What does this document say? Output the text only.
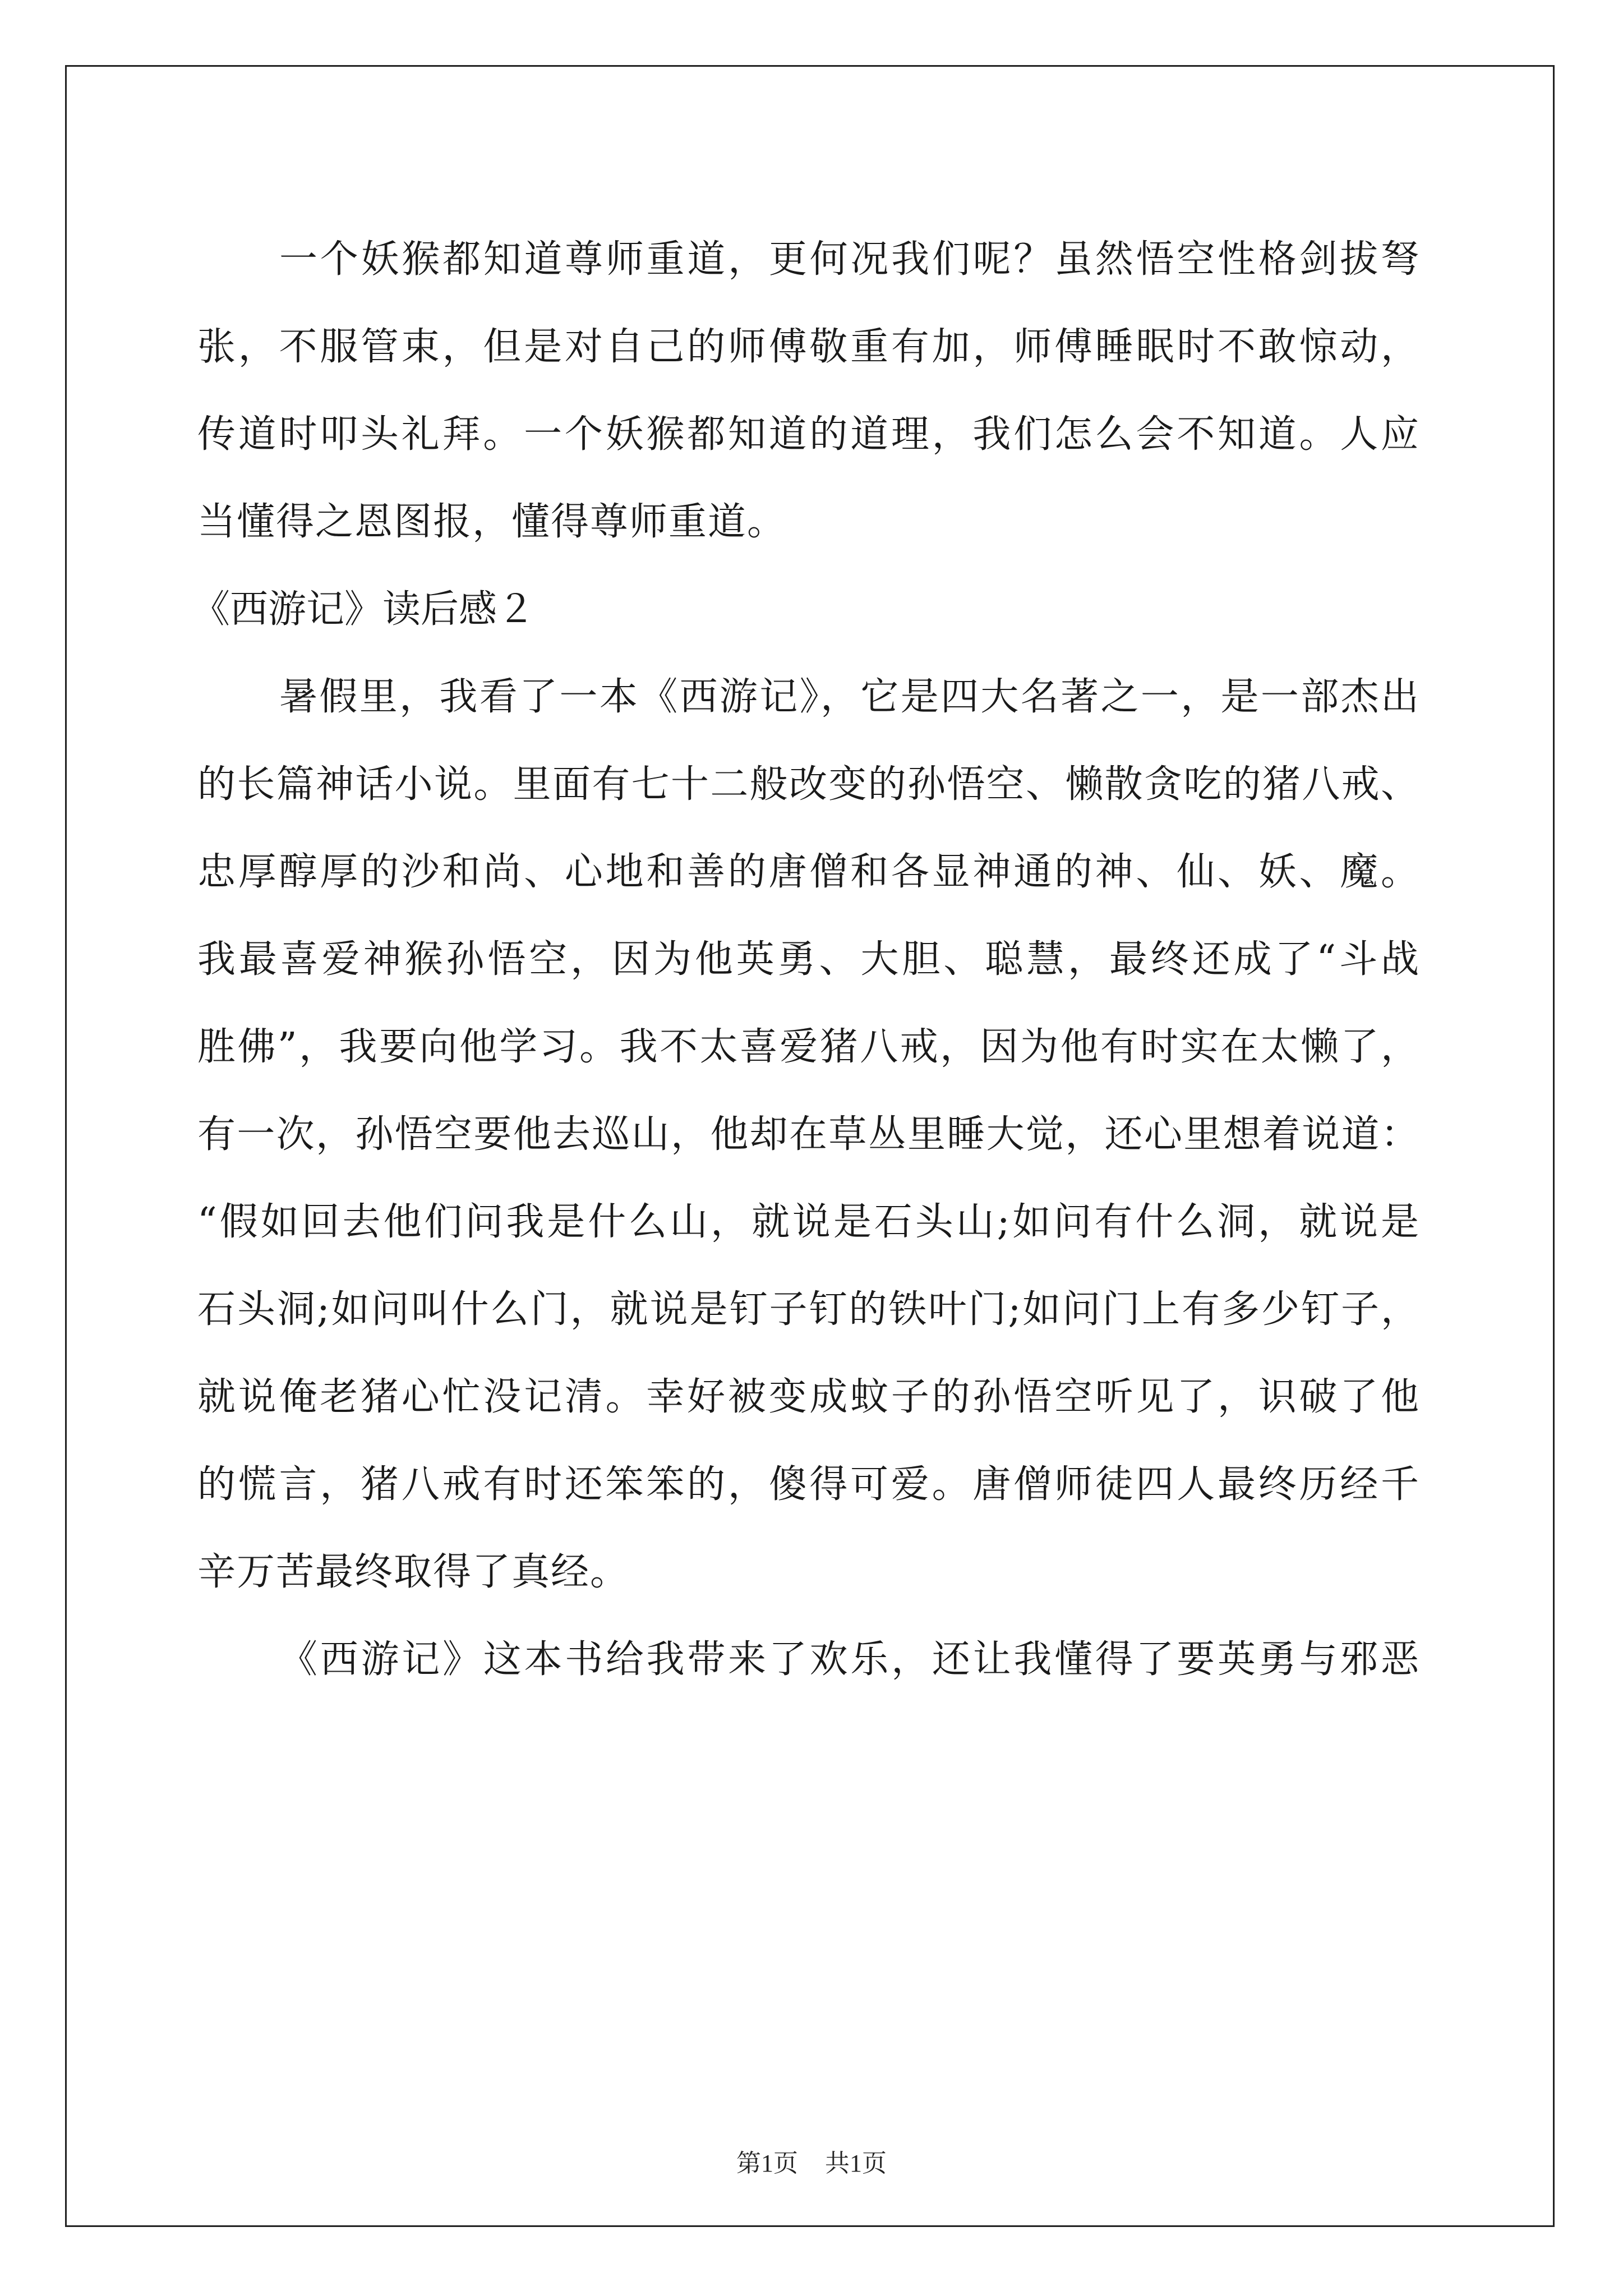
一个妖猴都知道尊师重道，更何况我们呢？虽然悟空性格剑拔弩
张，不服管束，但是对自己的师傅敬重有加，师傅睡眠时不敢惊动，
传道时叩头礼拜。一个妖猴都知道的道理，我们怎么会不知道。人应
当懂得之恩图报，懂得尊师重道。
《西游记》读后感２
暑假里，我看了一本《西游记》，它是四大名著之一，是一部杰出
的长篇神话小说。里面有七十二般改变的孙悟空、懒散贪吃的猪八戒、
忠厚醇厚的沙和尚、心地和善的唐僧和各显神通的神、仙、妖、魔。
我最喜爱神猴孙悟空，因为他英勇、大胆、聪慧，最终还成了“斗战
胜佛”，我要向他学习。我不太喜爱猪八戒，因为他有时实在太懒了，
有一次，孙悟空要他去巡山，他却在草丛里睡大觉，还心里想着说道：
“假如回去他们问我是什么山，就说是石头山;如问有什么洞，就说是
石头洞;如问叫什么门，就说是钉子钉的铁叶门;如问门上有多少钉子，
就说俺老猪心忙没记清。幸好被变成蚊子的孙悟空听见了，识破了他
的慌言，猪八戒有时还笨笨的，傻得可爱。唐僧师徒四人最终历经千
辛万苦最终取得了真经。
《西游记》这本书给我带来了欢乐，还让我懂得了要英勇与邪恶
第1页 共1页
